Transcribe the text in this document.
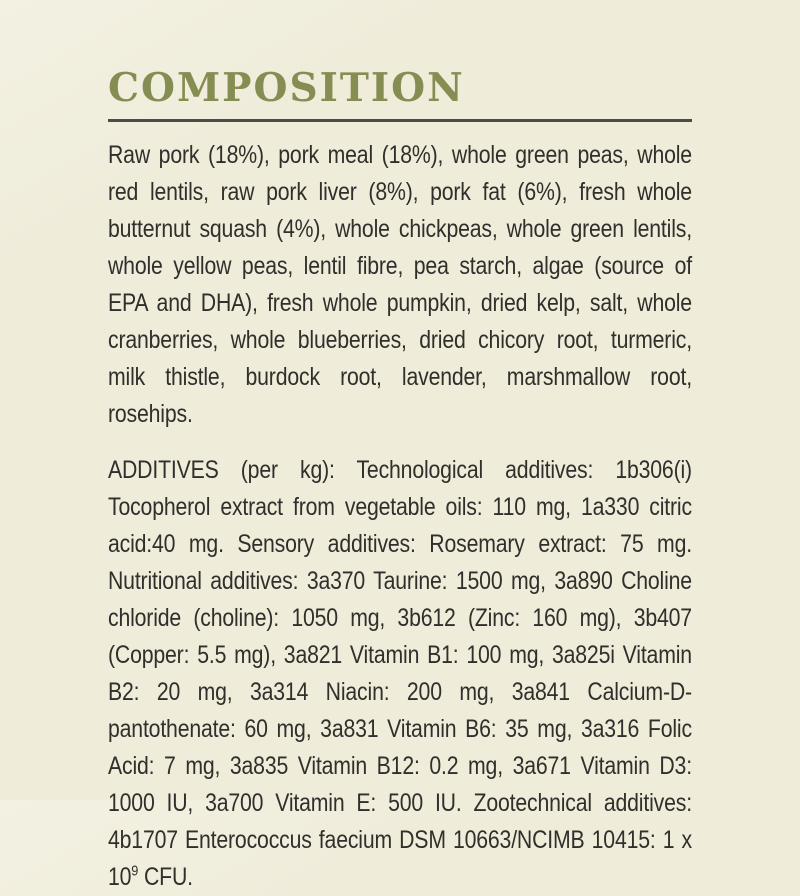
COMPOSITION

Raw pork (18%), pork meal (18%), whole green peas, whole red lentils, raw pork liver (8%), pork fat (6%), fresh whole butternut squash (4%), whole chickpeas, whole green lentils, whole yellow peas, lentil fibre, pea starch, algae (source of EPA and DHA), fresh whole pumpkin, dried kelp, salt, whole cranberries, whole blueberries, dried chicory root, turmeric, milk thistle, burdock root, lavender, marshmallow root, rosehips.

ADDITIVES (per kg): Technological additives: 1b306(i) Tocopherol extract from vegetable oils: 110 mg, 1a330 citric acid:40 mg. Sensory additives: Rosemary extract: 75 mg. Nutritional additives: 3a370 Taurine: 1500 mg, 3a890 Choline chloride (choline): 1050 mg, 3b612 (Zinc: 160 mg), 3b407 (Copper: 5.5 mg), 3a821 Vitamin B1: 100 mg, 3a825i Vitamin B2: 20 mg, 3a314 Niacin: 200 mg, 3a841 Calcium-D-pantothenate: 60 mg, 3a831 Vitamin B6: 35 mg, 3a316 Folic Acid: 7 mg, 3a835 Vitamin B12: 0.2 mg, 3a671 Vitamin D3: 1000 IU, 3a700 Vitamin E: 500 IU. Zootechnical additives: 4b1707 Enterococcus faecium DSM 10663/NCIMB 10415: 1 x $10^9$ CFU.
